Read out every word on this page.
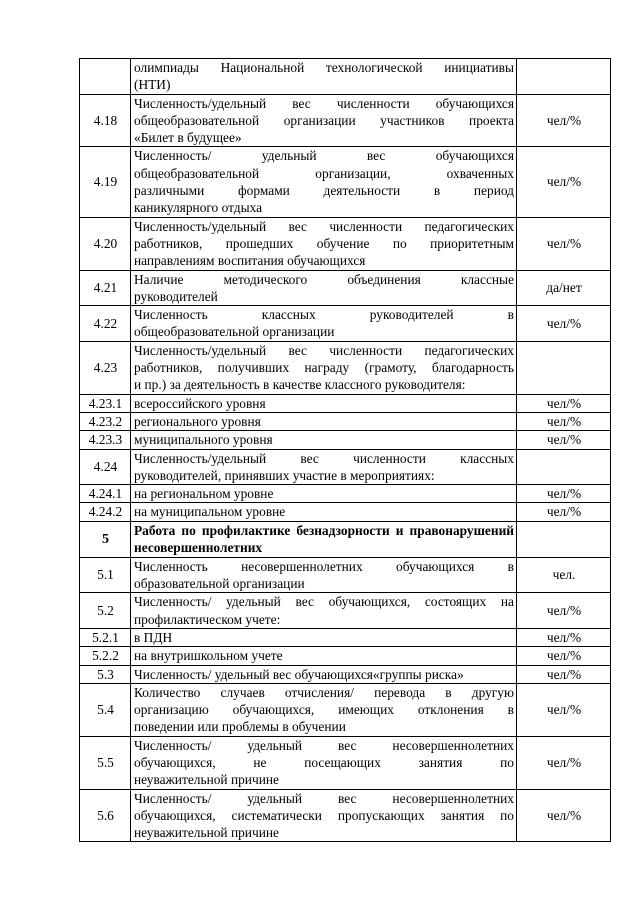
	олимпиады Национальной технологической инициативы
(НТИ)	

4.18	Численность/удельный вес численности обучающихся
общеобразовательной организации участников проекта
«Билет в будущее»	чел/%
4.19	Численность/ удельный вес обучающихся
общеобразовательной организации, охваченных
различными формами деятельности в период
каникулярного отдыха	чел/%
4.20	Численность/удельный вес численности педагогических
работников, прошедших обучение по приоритетным
направлениям воспитания обучающихся	чел/%
4.21	Наличие методического объединения классные
руководителей	да/нет
4.22	Численность классных руководителей в
общеобразовательной организации	чел/%
4.23	Численность/удельный вес численности педагогических
работников, получивших награду (грамоту, благодарность
и пр.) за деятельность в качестве классного руководителя:	

4.23.1	всероссийского уровня	чел/%
4.23.2	регионального уровня	чел/%
4.23.3	муниципального уровня	чел/%
4.24	Численность/удельный вес численности классных
руководителей, принявших участие в мероприятиях:	

4.24.1	на региональном уровне	чел/%
4.24.2	на муниципальном уровне	чел/%
5	Работа по профилактике безнадзорности и правонарушений
несовершеннолетних	

5.1	Численность несовершеннолетних обучающихся в
образовательной организации	чел.
5.2	Численность/ удельный вес обучающихся, состоящих на
профилактическом учете:	чел/%
5.2.1	в ПДН	чел/%
5.2.2	на внутришкольном учете	чел/%
5.3	Численность/ удельный вес обучающихся«группы риска»	чел/%
5.4	Количество случаев отчисления/ перевода в другую
организацию обучающихся, имеющих отклонения в
поведении или проблемы в обучении	чел/%
5.5	Численность/ удельный вес несовершеннолетних
обучающихся, не посещающих занятия по
неуважительной причине	чел/%
5.6	Численность/ удельный вес несовершеннолетних
обучающихся, систематически пропускающих занятия по
неуважительной причине	чел/%
